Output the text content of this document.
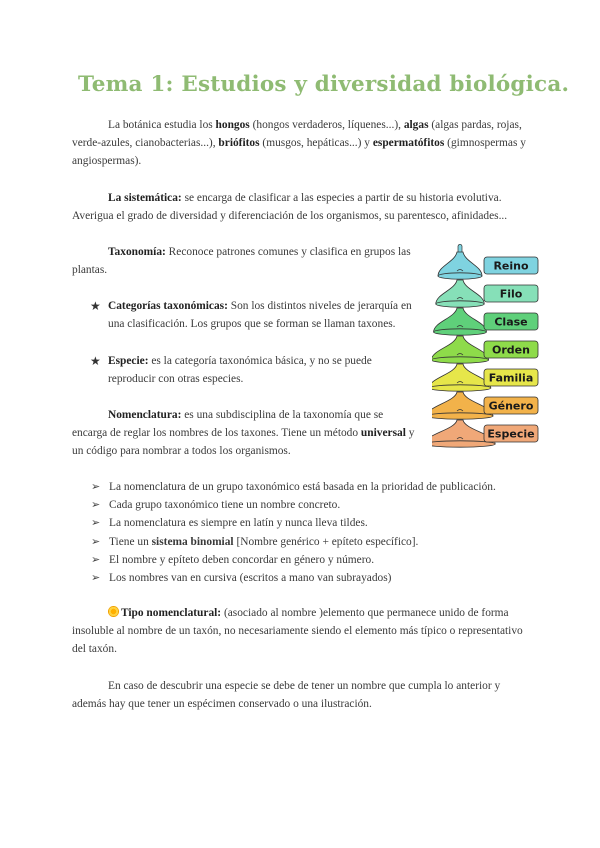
Tema 1: Estudios y diversidad biológica.

La botánica estudia los hongos (hongos verdaderos, líquenes...), algas (algas pardas, rojas, verde-azules, cianobacterias...), briófitos (musgos, hepáticas...) y espermatófitos (gimnospermas y angiospermas).

La sistemática: se encarga de clasificar a las especies a partir de su historia evolutiva. Averigua el grado de diversidad y diferenciación de los organismos, su parentesco, afinidades...

Taxonomía: Reconoce patrones comunes y clasifica en grupos las plantas.

★ Categorías taxonómicas: Son los distintos niveles de jerarquía en una clasificación. Los grupos que se forman se llaman taxones.

★ Especie: es la categoría taxonómica básica, y no se puede reproducir con otras especies.

Nomenclatura: es una subdisciplina de la taxonomía que se encarga de reglar los nombres de los taxones. Tiene un método universal y un código para nombrar a todos los organismos.

➢ La nomenclatura de un grupo taxonómico está basada en la prioridad de publicación.
➢ Cada grupo taxonómico tiene un nombre concreto.
➢ La nomenclatura es siempre en latín y nunca lleva tildes.
➢ Tiene un sistema binomial [Nombre genérico + epíteto específico].
➢ El nombre y epíteto deben concordar en género y número.
➢ Los nombres van en cursiva (escritos a mano van subrayados)

Tipo nomenclatural: (asociado al nombre )elemento que permanece unido de forma insoluble al nombre de un taxón, no necesariamente siendo el elemento más típico o representativo del taxón.

En caso de descubrir una especie se debe de tener un nombre que cumpla lo anterior y además hay que tener un espécimen conservado o una ilustración.

Reino
Filo
Clase
Orden
Familia
Género
Especie
